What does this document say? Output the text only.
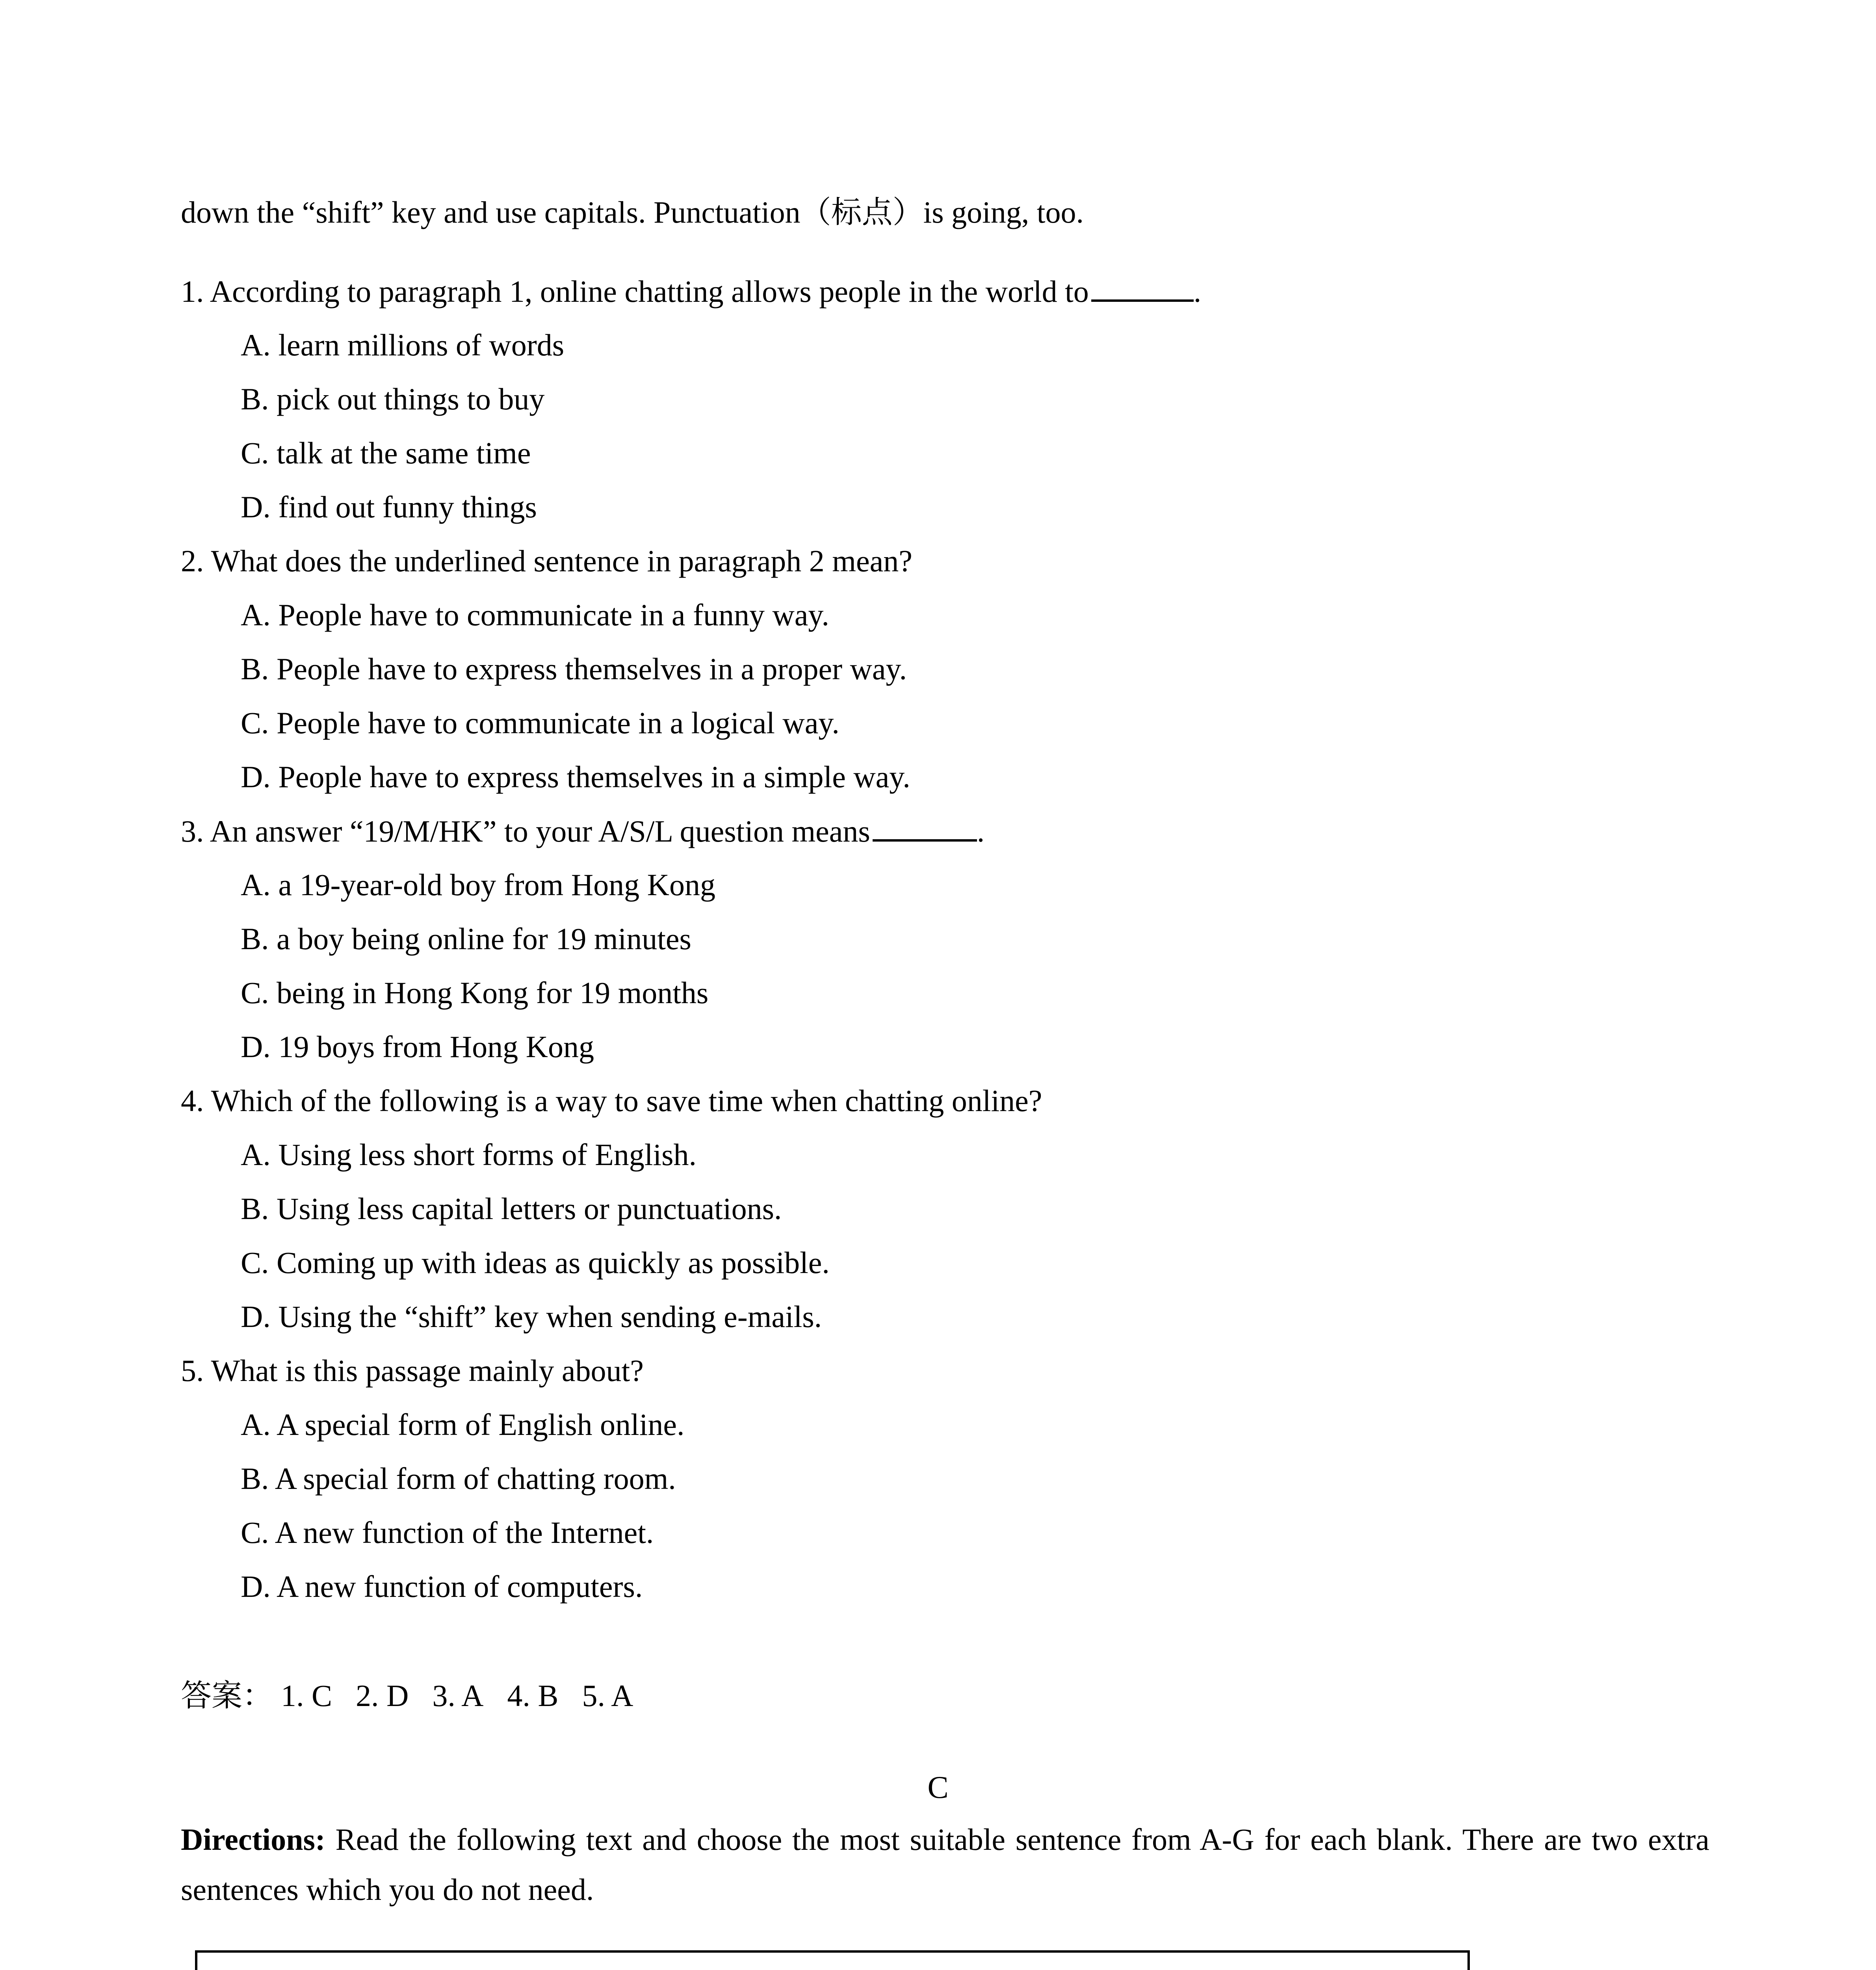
down the “shift” key and use capitals. Punctuation（标点）is going, too.
1. According to paragraph 1, online chatting allows people in the world to	.
A. learn millions of words
B. pick out things to buy
C. talk at the same time
D. find out funny things
2. What does the underlined sentence in paragraph 2 mean?
A. People have to communicate in a funny way.
B. People have to express themselves in a proper way.
C. People have to communicate in a logical way.
D. People have to express themselves in a simple way.
3. An answer “19/M/HK” to your A/S/L question means	.
A. a 19-year-old boy from Hong Kong
B. a boy being online for 19 minutes
C. being in Hong Kong for 19 months
D. 19 boys from Hong Kong
4. Which of the following is a way to save time when chatting online?
A. Using less short forms of English.
B. Using less capital letters or punctuations.
C. Coming up with ideas as quickly as possible.
D. Using the “shift” key when sending e-mails.
5. What is this passage mainly about?
A. A special form of English online.
B. A special form of chatting room.
C. A new function of the Internet.
D. A new function of computers.
答案： 1. C 2. D 3. A 4. B 5. A
C
Directions: Read the following text and choose the most suitable sentence from A-G for each blank. There are two extra sentences which you do not need.
